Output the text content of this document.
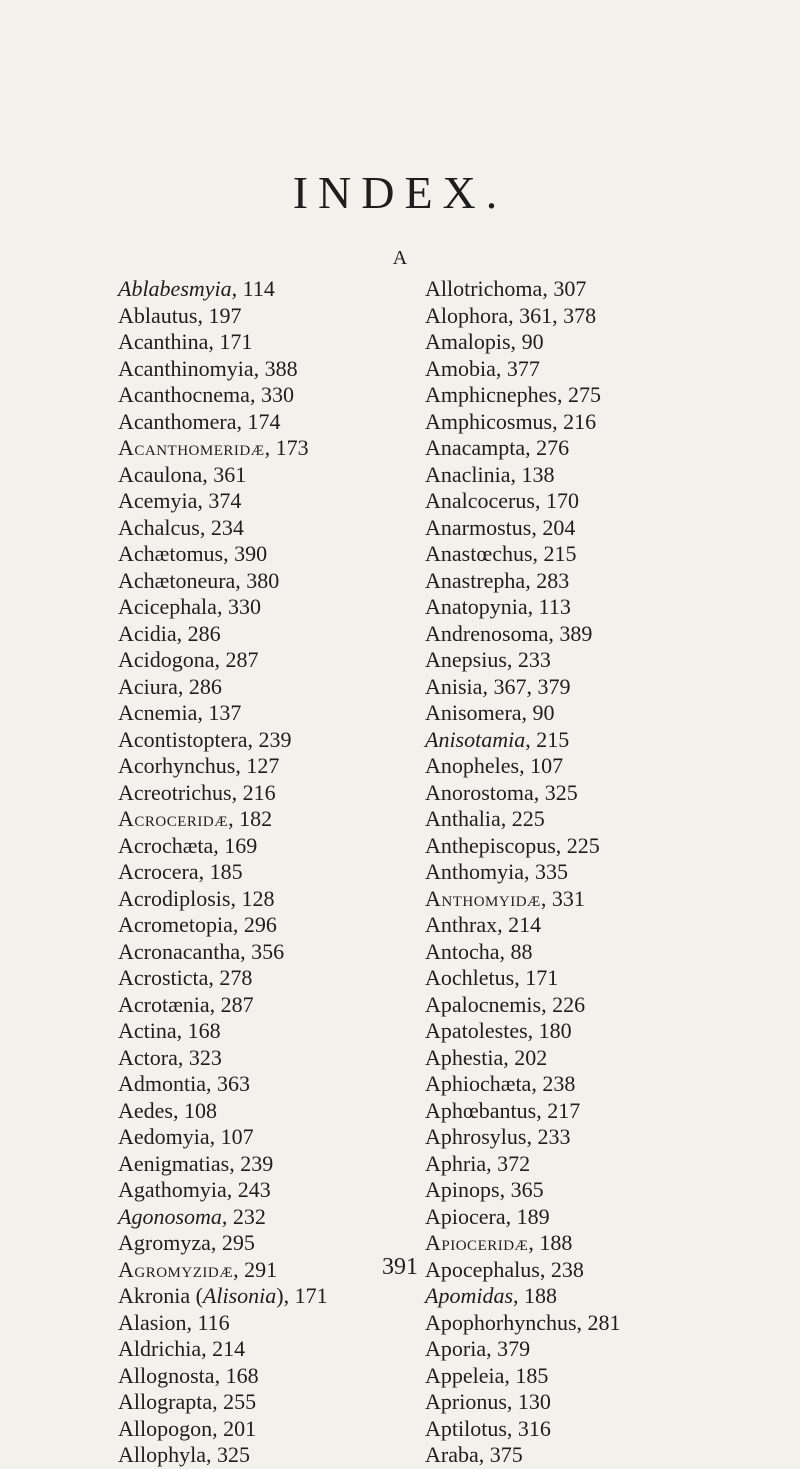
INDEX.
A
Ablabesmyia, 114
Ablautus, 197
Acanthina, 171
Acanthinomyia, 388
Acanthocnema, 330
Acanthomera, 174
Acanthomeridæ, 173
Acaulona, 361
Acemyia, 374
Achalcus, 234
Achætomus, 390
Achætoneura, 380
Acicephala, 330
Acidia, 286
Acidogona, 287
Aciura, 286
Acnemia, 137
Acontistoptera, 239
Acorhynchus, 127
Acreotrichus, 216
Acroceridæ, 182
Acrochæta, 169
Acrocera, 185
Acrodiplosis, 128
Acrometopia, 296
Acronacantha, 356
Acrosticta, 278
Acrotænia, 287
Actina, 168
Actora, 323
Admontia, 363
Aedes, 108
Aedomyia, 107
Aenigmatias, 239
Agathomyia, 243
Agonosoma, 232
Agromyza, 295
Agromyzidæ, 291
Akronia (Alisonia), 171
Alasion, 116
Aldrichia, 214
Allognosta, 168
Allograpta, 255
Allopogon, 201
Allophyla, 325
Allotrichoma, 307
Alophora, 361, 378
Amalopis, 90
Amobia, 377
Amphicnephes, 275
Amphicosmus, 216
Anacampta, 276
Anaclinia, 138
Analcocerus, 170
Anarmostus, 204
Anastœchus, 215
Anastrepha, 283
Anatopynia, 113
Andrenosoma, 389
Anepsius, 233
Anisia, 367, 379
Anisomera, 90
Anisotamia, 215
Anopheles, 107
Anorostoma, 325
Anthalia, 225
Anthepiscopus, 225
Anthomyia, 335
Anthomyidæ, 331
Anthrax, 214
Antocha, 88
Aochletus, 171
Apalocnemis, 226
Apatolestes, 180
Aphestia, 202
Aphiochæta, 238
Aphœbantus, 217
Aphrosylus, 233
Aphria, 372
Apinops, 365
Apiocera, 189
Apioceridæ, 188
Apocephalus, 238
Apomidas, 188
Apophorhynchus, 281
Aporia, 379
Appeleia, 185
Aprionus, 130
Aptilotus, 316
Araba, 375
391
